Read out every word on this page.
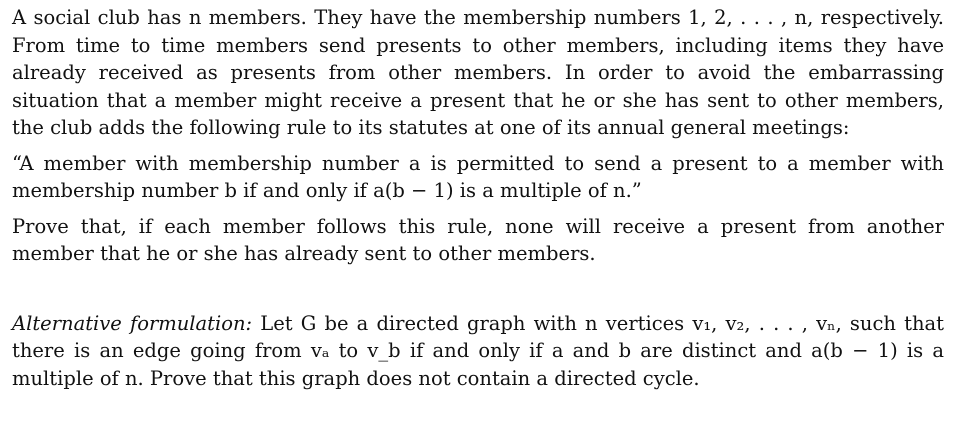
A social club has n members. They have the membership numbers 1, 2, . . . , n, respectively. From time to time members send presents to other members, including items they have already received as presents from other members. In order to avoid the embarrassing situation that a member might receive a present that he or she has sent to other members, the club adds the following rule to its statutes at one of its annual general meetings:

“A member with membership number a is permitted to send a present to a member with membership number b if and only if a(b − 1) is a multiple of n.”

Prove that, if each member follows this rule, none will receive a present from another member that he or she has already sent to other members.

Alternative formulation: Let G be a directed graph with n vertices v₁, v₂, . . . , vₙ, such that there is an edge going from vₐ to v_b if and only if a and b are distinct and a(b − 1) is a multiple of n. Prove that this graph does not contain a directed cycle.
